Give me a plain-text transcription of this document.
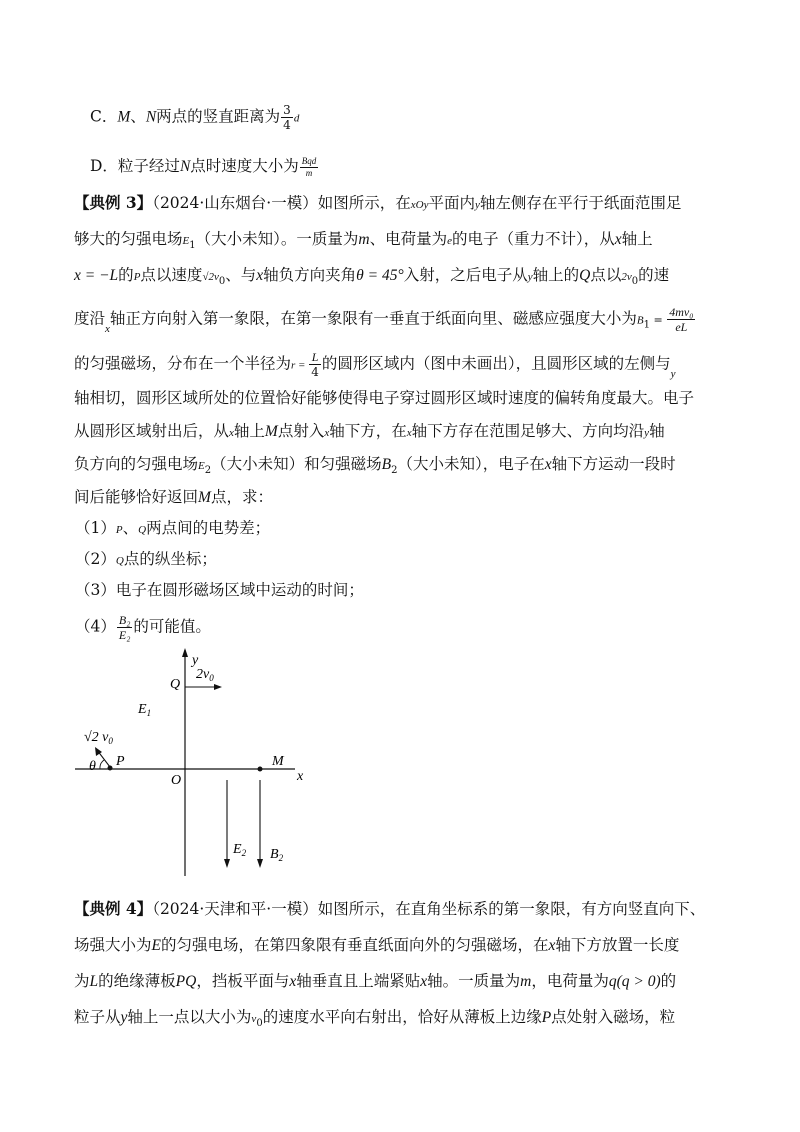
C．M、N两点的竖直距离为 $\frac{3}{4}$ d
D．粒子经过N点时速度大小为 $\frac{\text{Bqd}}{m}$
【典例 3】（2024·山东烟台·一模）如图所示，在xOy平面内y轴左侧存在平行于纸面范围足
够大的匀强电场$E_1$（大小未知）。一质量为m、电荷量为e的电子（重力不计），从x轴上
x = −L的P点以速度$√2v_0$、与x轴负方向夹角θ = 45°入射，之后电子从y轴上的Q点以$2v_0$的速
度沿$_x$轴正方向射入第一象限，在第一象限有一垂直于纸面向里、磁感应强度大小为$B_1 = \frac{\text{4mv₀}}{eL}$
的匀强磁场，分布在一个半径为$r = \frac{L}{4}$ 的圆形区域内（图中未画出），且圆形区域的左侧与$_y$
轴相切，圆形区域所处的位置恰好能够使得电子穿过圆形区域时速度的偏转角度最大。电子
从圆形区域射出后，从x轴上M点射入x轴下方，在x轴下方存在范围足够大、方向均沿y轴
负方向的匀强电场$E_2$（大小未知）和匀强磁场$B_2$（大小未知），电子在x轴下方运动一段时
间后能够恰好返回M点，求：
（1）P、Q两点间的电势差；
（2）Q点的纵坐标；
（3）电子在圆形磁场区域中运动的时间；
$(4) \frac{\text{B₂}}{\text{E₂}}$ 的可能值。
y
x
Q
$2v_0$
$E_1$
√2 $v_0$
θ P
O
M
$E_2$ $B_2$
【典例 4】（2024·天津和平·一模）如图所示，在直角坐标系的第一象限，有方向竖直向下、
场强大小为E的匀强电场，在第四象限有垂直纸面向外的匀强磁场，在x轴下方放置一长度
为L的绝缘薄板PQ，挡板平面与x轴垂直且上端紧贴x轴。一质量为m，电荷量为q(q > 0)的
粒子从y轴上一点以大小为$v_0$的速度水平向右射出，恰好从薄板上边缘P点处射入磁场，粒
